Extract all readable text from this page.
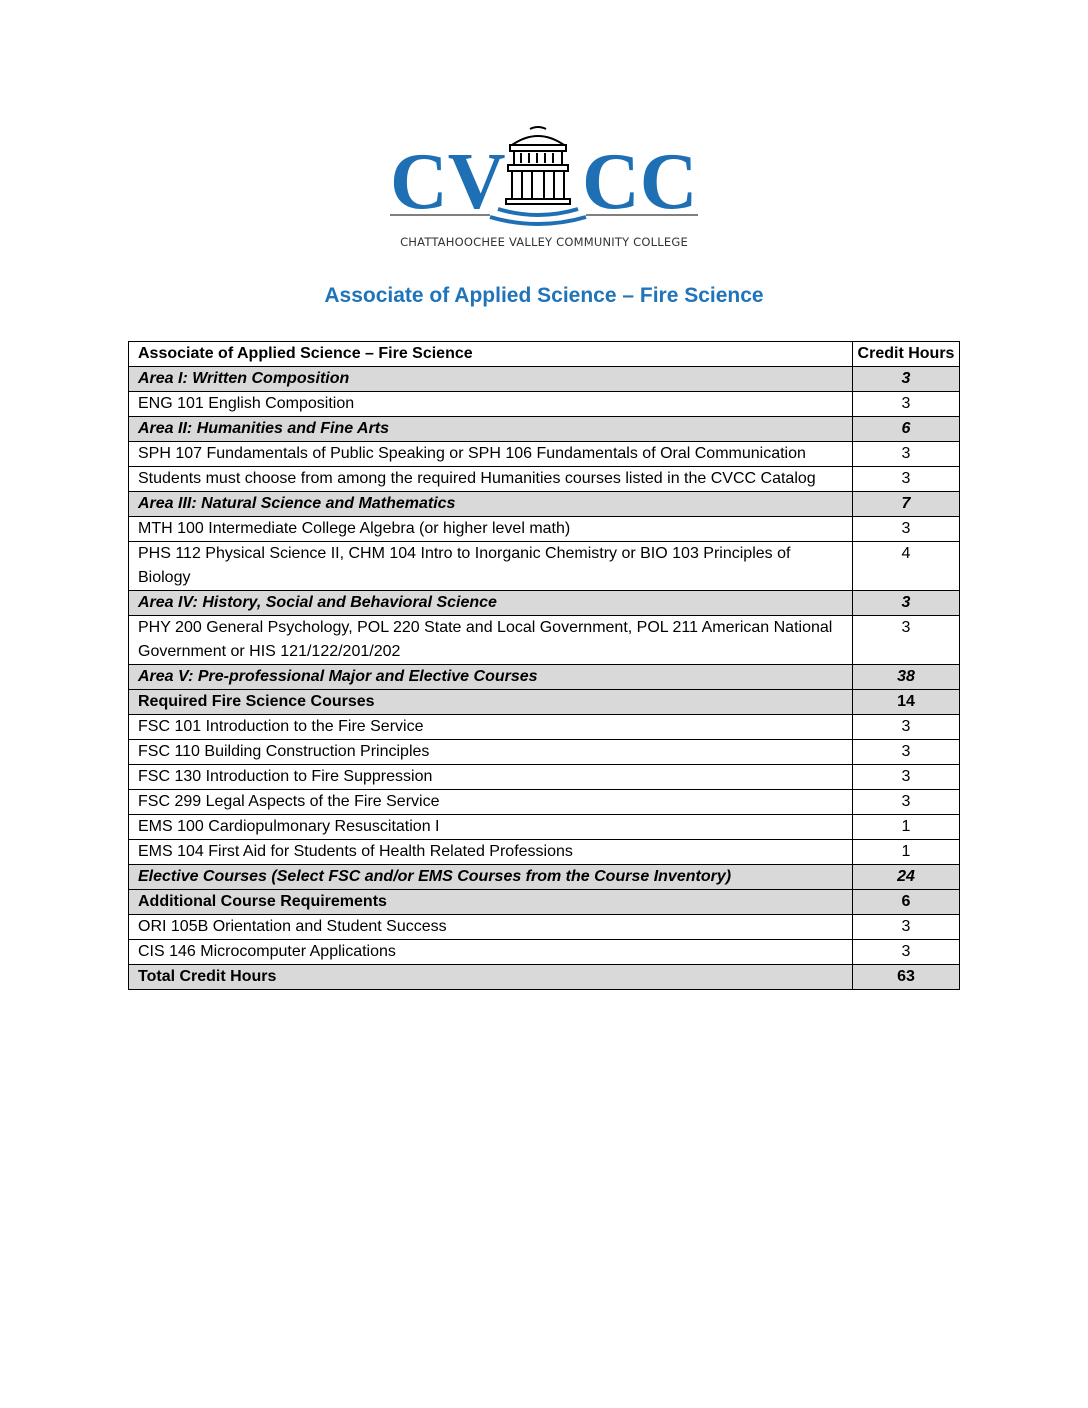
CV CC
CHATTAHOOCHEE VALLEY COMMUNITY COLLEGE
Associate of Applied Science – Fire Science
Associate of Applied Science – Fire Science	Credit Hours
Area I: Written Composition	3
ENG 101 English Composition	3
Area II: Humanities and Fine Arts	6
SPH 107 Fundamentals of Public Speaking or SPH 106 Fundamentals of Oral Communication	3
Students must choose from among the required Humanities courses listed in the CVCC Catalog	3
Area III: Natural Science and Mathematics	7
MTH 100 Intermediate College Algebra (or higher level math)	3
PHS 112 Physical Science II, CHM 104 Intro to Inorganic Chemistry or BIO 103 Principles of Biology	4
Area IV: History, Social and Behavioral Science	3
PHY 200 General Psychology, POL 220 State and Local Government, POL 211 American National Government or HIS 121/122/201/202	3
Area V: Pre-professional Major and Elective Courses	38
Required Fire Science Courses	14
FSC 101 Introduction to the Fire Service	3
FSC 110 Building Construction Principles	3
FSC 130 Introduction to Fire Suppression	3
FSC 299 Legal Aspects of the Fire Service	3
EMS 100 Cardiopulmonary Resuscitation I	1
EMS 104 First Aid for Students of Health Related Professions	1
Elective Courses (Select FSC and/or EMS Courses from the Course Inventory)	24
Additional Course Requirements	6
ORI 105B Orientation and Student Success	3
CIS 146 Microcomputer Applications	3
Total Credit Hours	63
